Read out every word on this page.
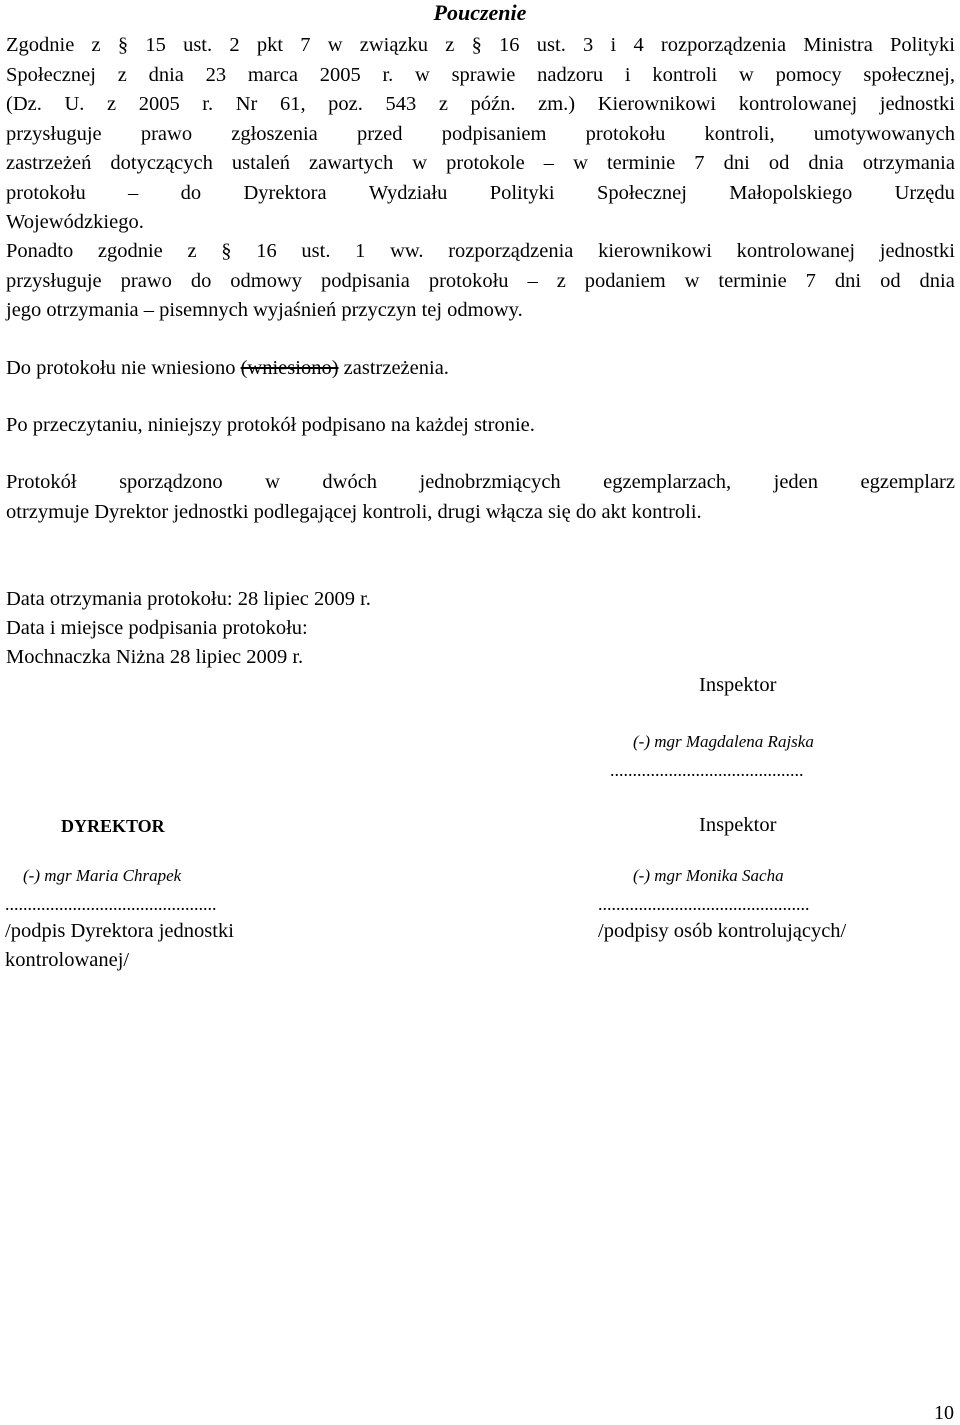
Pouczenie
Zgodnie z § 15 ust. 2 pkt 7 w związku z § 16 ust. 3 i 4 rozporządzenia Ministra Polityki
Społecznej z dnia 23 marca 2005 r. w sprawie nadzoru i kontroli w pomocy społecznej,
(Dz. U. z 2005 r. Nr 61, poz. 543 z późn. zm.) Kierownikowi kontrolowanej jednostki
przysługuje prawo zgłoszenia przed podpisaniem protokołu kontroli, umotywowanych
zastrzeżeń dotyczących ustaleń zawartych w protokole – w terminie 7 dni od dnia otrzymania
protokołu – do Dyrektora Wydziału Polityki Społecznej Małopolskiego Urzędu
Wojewódzkiego.
Ponadto zgodnie z § 16 ust. 1 ww. rozporządzenia kierownikowi kontrolowanej jednostki
przysługuje prawo do odmowy podpisania protokołu – z podaniem w terminie 7 dni od dnia
jego otrzymania – pisemnych wyjaśnień przyczyn tej odmowy.
Do protokołu nie wniesiono (wniesiono) zastrzeżenia.
Po przeczytaniu, niniejszy protokół podpisano na każdej stronie.
Protokół sporządzono w dwóch jednobrzmiących egzemplarzach, jeden egzemplarz
otrzymuje Dyrektor jednostki podlegającej kontroli, drugi włącza się do akt kontroli.
Data otrzymania protokołu: 28 lipiec 2009 r.
Data i miejsce podpisania protokołu:
Mochnaczka Niżna 28 lipiec 2009 r.
Inspektor
(-) mgr Magdalena Rajska
...........................................
DYREKTOR	Inspektor
(-) mgr Maria Chrapek	(-) mgr Monika Sacha
...............................................	...............................................
/podpis Dyrektora jednostki
kontrolowanej/
/podpisy osób kontrolujących/
10
